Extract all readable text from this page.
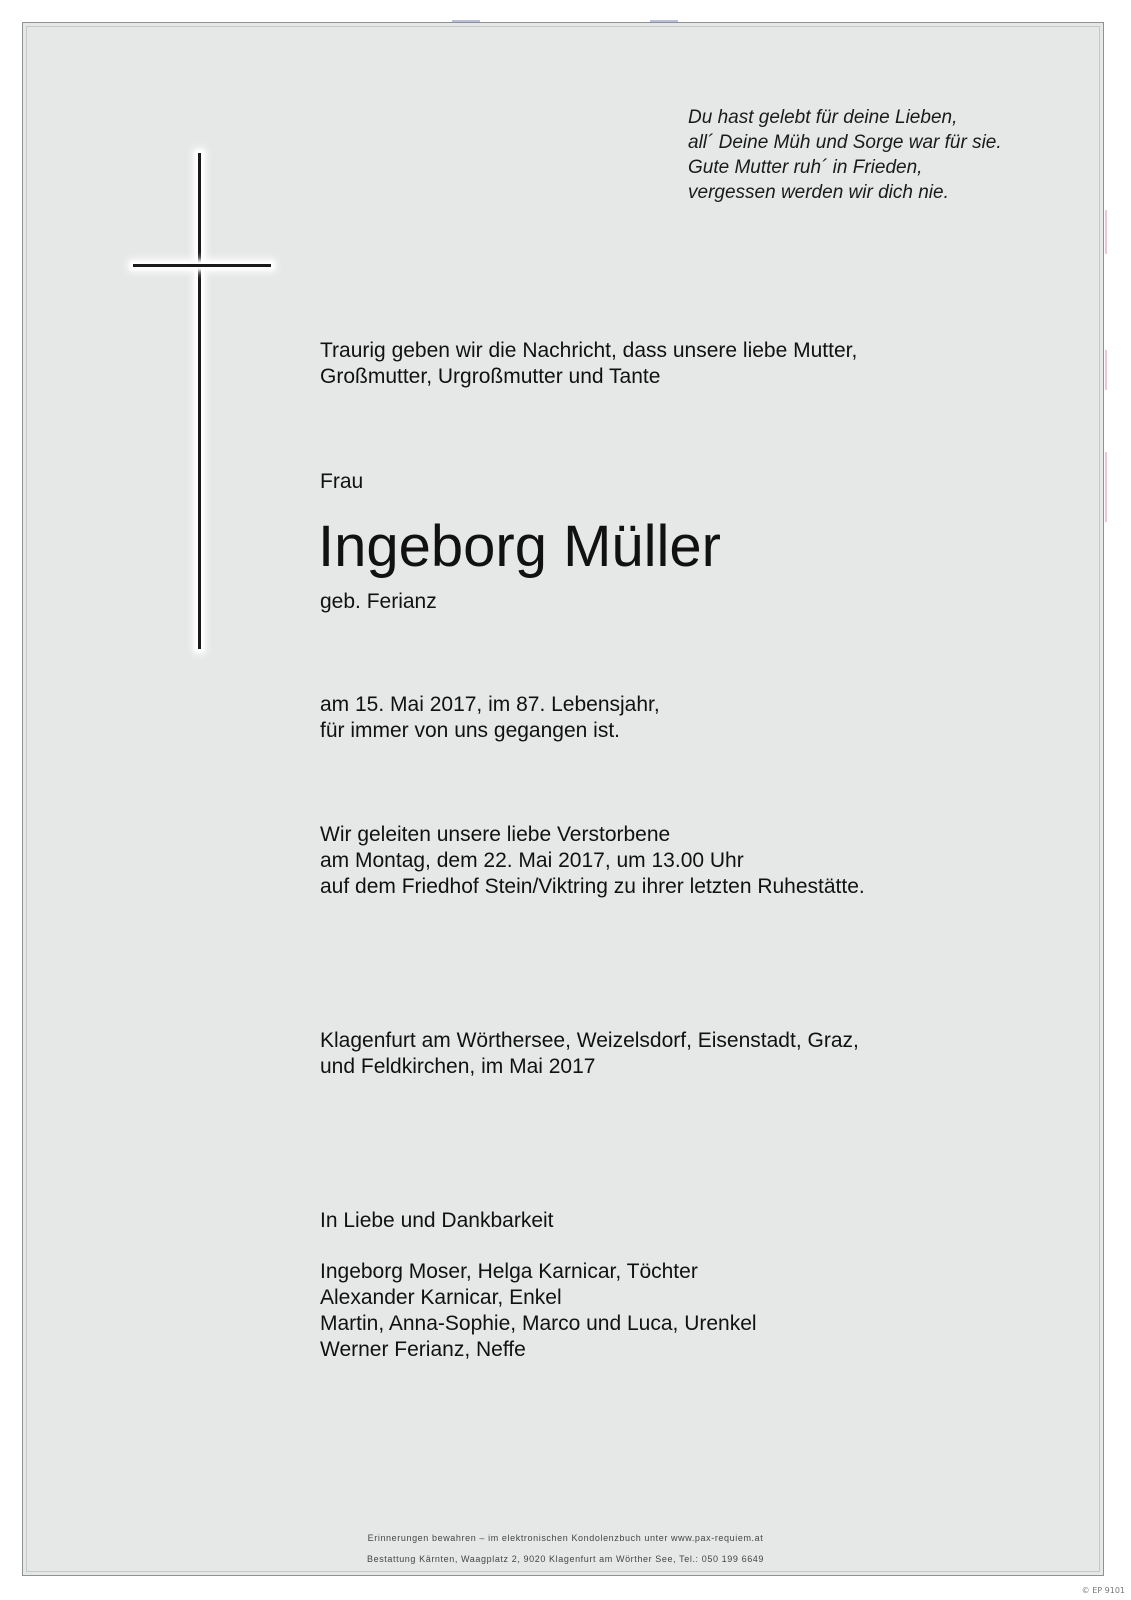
Du hast gelebt für deine Lieben,
all´ Deine Müh und Sorge war für sie.
Gute Mutter ruh´ in Frieden,
vergessen werden wir dich nie.
Traurig geben wir die Nachricht, dass unsere liebe Mutter,
Großmutter, Urgroßmutter und Tante
Frau
Ingeborg Müller
geb. Ferianz
am 15. Mai 2017, im 87. Lebensjahr,
für immer von uns gegangen ist.
Wir geleiten unsere liebe Verstorbene
am Montag, dem 22. Mai 2017, um 13.00 Uhr
auf dem Friedhof Stein/Viktring zu ihrer letzten Ruhestätte.
Klagenfurt am Wörthersee, Weizelsdorf, Eisenstadt, Graz,
und Feldkirchen, im Mai 2017
In Liebe und Dankbarkeit
Ingeborg Moser, Helga Karnicar, Töchter
Alexander Karnicar, Enkel
Martin, Anna-Sophie, Marco und Luca, Urenkel
Werner Ferianz, Neffe
Erinnerungen bewahren – im elektronischen Kondolenzbuch unter www.pax-requiem.at
Bestattung Kärnten, Waagplatz 2, 9020 Klagenfurt am Wörther See, Tel.: 050 199 6649
© EP 9101
